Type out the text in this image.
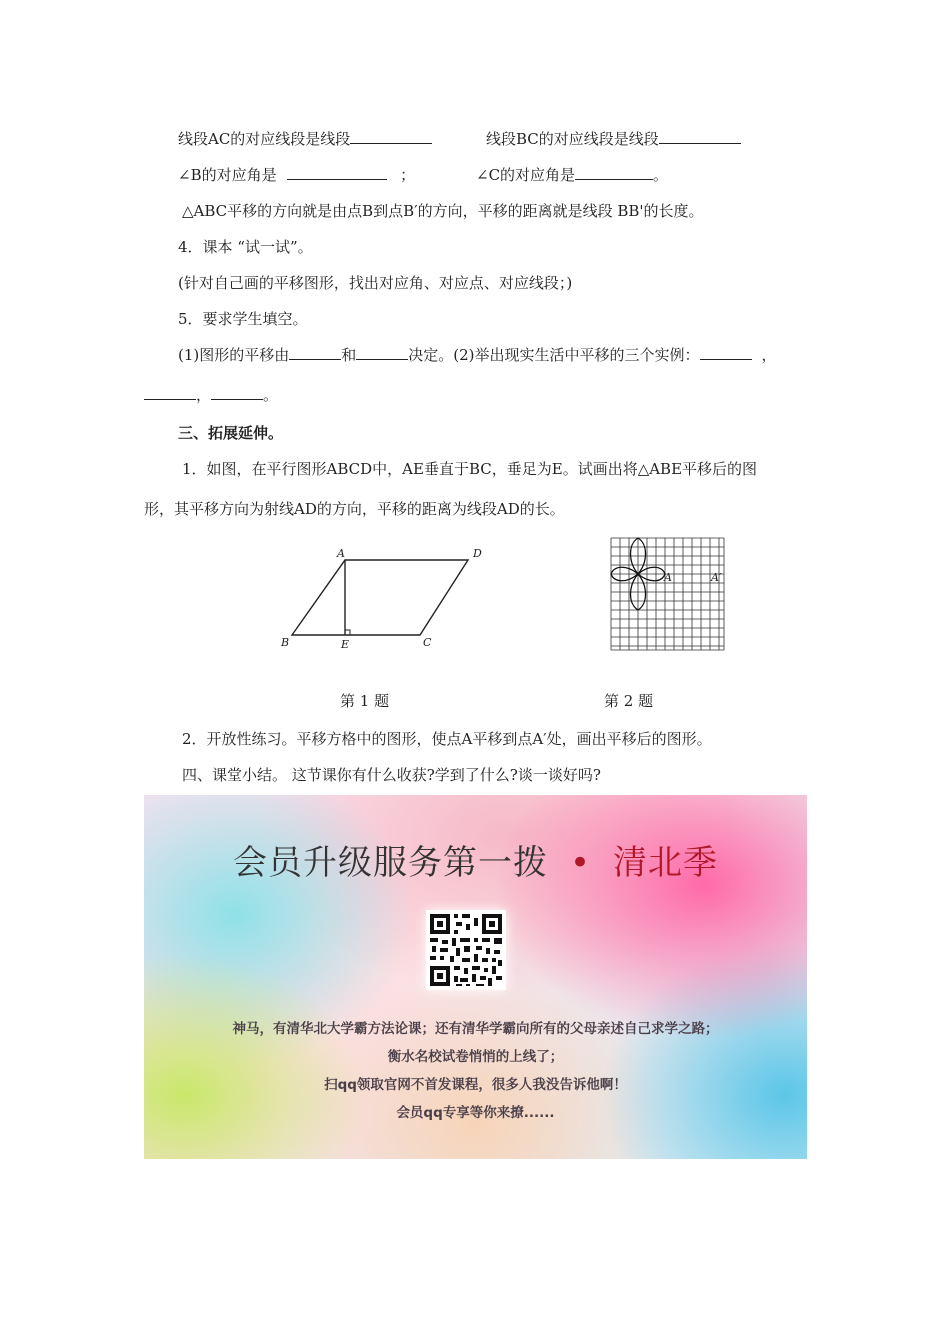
线段AC的对应线段是线段	线段BC的对应线段是线段
∠B的对应角是	；	∠C的对应角是	。
△ABC平移的方向就是由点B到点B′的方向，平移的距离就是线段 BB'的长度。
4．课本 “试一试”。
(针对自己画的平移图形，找出对应角、对应点、对应线段；)
5．要求学生填空。
(1)图形的平移由	和	决定。(2)举出现实生活中平移的三个实例：	，
，	。
三、拓展延伸。
1．如图，在平行图形ABCD中，AE垂直于BC，垂足为E。试画出将△ABE平移后的图
形，其平移方向为射线AD的方向，平移的距离为线段AD的长。
A	D
B	E	C
A	A′
第 1 题	第 2 题
2．开放性练习。平移方格中的图形，使点A平移到点A′处，画出平移后的图形。
四、课堂小结。 这节课你有什么收获?学到了什么?谈一谈好吗?
会员升级服务第一拨 • 清北季
神马，有清华北大学霸方法论课；还有清华学霸向所有的父母亲述自己求学之路；
衡水名校试卷悄悄的上线了；
扫qq领取官网不首发课程，很多人我没告诉他啊！
会员qq专享等你来撩......
